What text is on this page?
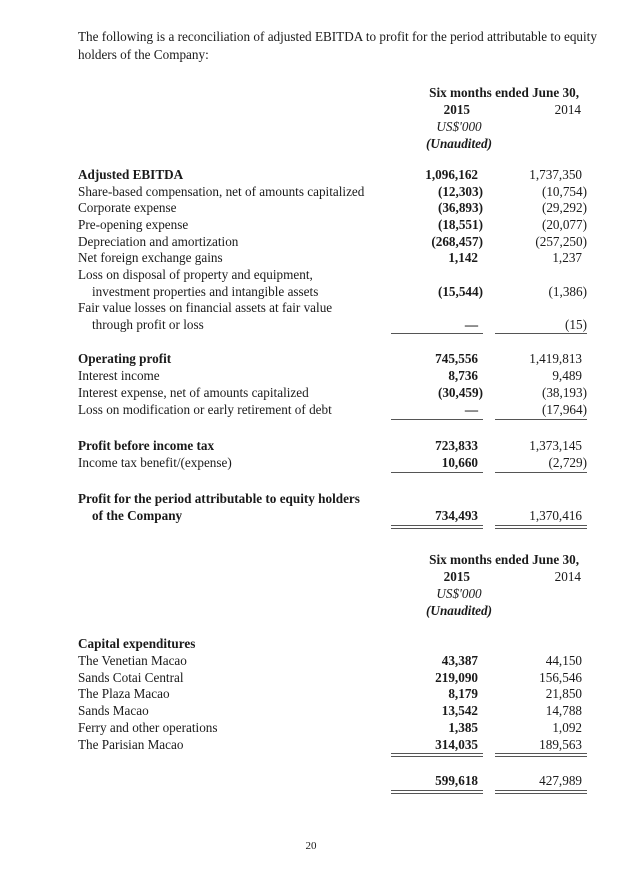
The following is a reconciliation of adjusted EBITDA to profit for the period attributable to equity holders of the Company:

Six months ended June 30,
2015	2014
US$'000
(Unaudited)
Adjusted EBITDA	1,096,162	1,737,350
Share-based compensation, net of amounts capitalized	(12,303)	(10,754)
Corporate expense	(36,893)	(29,292)
Pre-opening expense	(18,551)	(20,077)
Depreciation and amortization	(268,457)	(257,250)
Net foreign exchange gains	1,142	1,237
Loss on disposal of property and equipment,
investment properties and intangible assets	(15,544)	(1,386)
Fair value losses on financial assets at fair value
through profit or loss	—	(15)
Operating profit	745,556	1,419,813
Interest income	8,736	9,489
Interest expense, net of amounts capitalized	(30,459)	(38,193)
Loss on modification or early retirement of debt	—	(17,964)
Profit before income tax	723,833	1,373,145
Income tax benefit/(expense)	10,660	(2,729)
Profit for the period attributable to equity holders
of the Company	734,493	1,370,416
Six months ended June 30,
2015	2014
US$'000
(Unaudited)
Capital expenditures
The Venetian Macao	43,387	44,150
Sands Cotai Central	219,090	156,546
The Plaza Macao	8,179	21,850
Sands Macao	13,542	14,788
Ferry and other operations	1,385	1,092
The Parisian Macao	314,035	189,563
599,618	427,989
20
